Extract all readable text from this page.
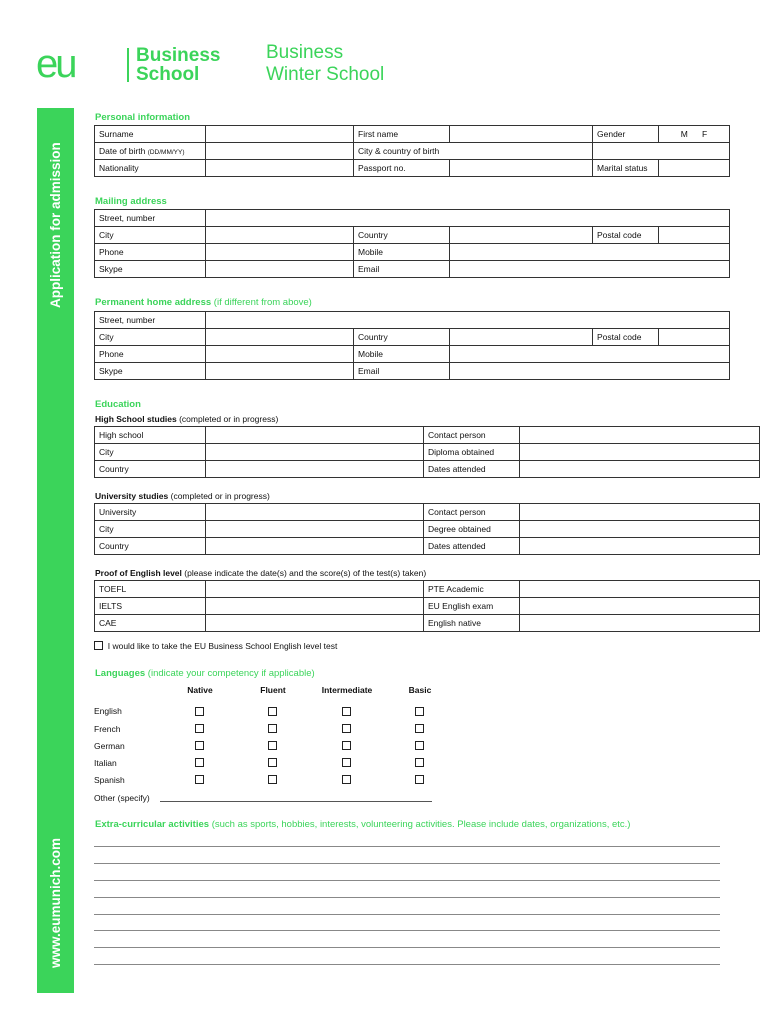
eu	Business
School
Business
Winter School
Application for admission
www.eumunich.com
Personal information
Surname		First name		Gender	M F
Date of birth (DD/MM/YY)		City & country of birth			
Nationality		Passport no.		Marital status	
Mailing address
Street, number					
City		Country		Postal code	
Phone		Mobile			
Skype		Email			
Permanent home address (if different from above)
Street, number					
City		Country		Postal code	
Phone		Mobile			
Skype		Email			
Education
High School studies (completed or in progress)
High school		Contact person	
City		Diploma obtained	
Country		Dates attended	
University studies (completed or in progress)
University		Contact person	
City		Degree obtained	
Country		Dates attended	
Proof of English level (please indicate the date(s) and the score(s) of the test(s) taken)
TOEFL		PTE Academic	
IELTS		EU English exam	
CAE		English native	
I would like to take the EU Business School English level test
Languages (indicate your competency if applicable)
Native	Fluent	Intermediate	Basic
English
French
German
Italian
Spanish
Other (specify)
Extra-curricular activities (such as sports, hobbies, interests, volunteering activities. Please include dates, organizations, etc.)
